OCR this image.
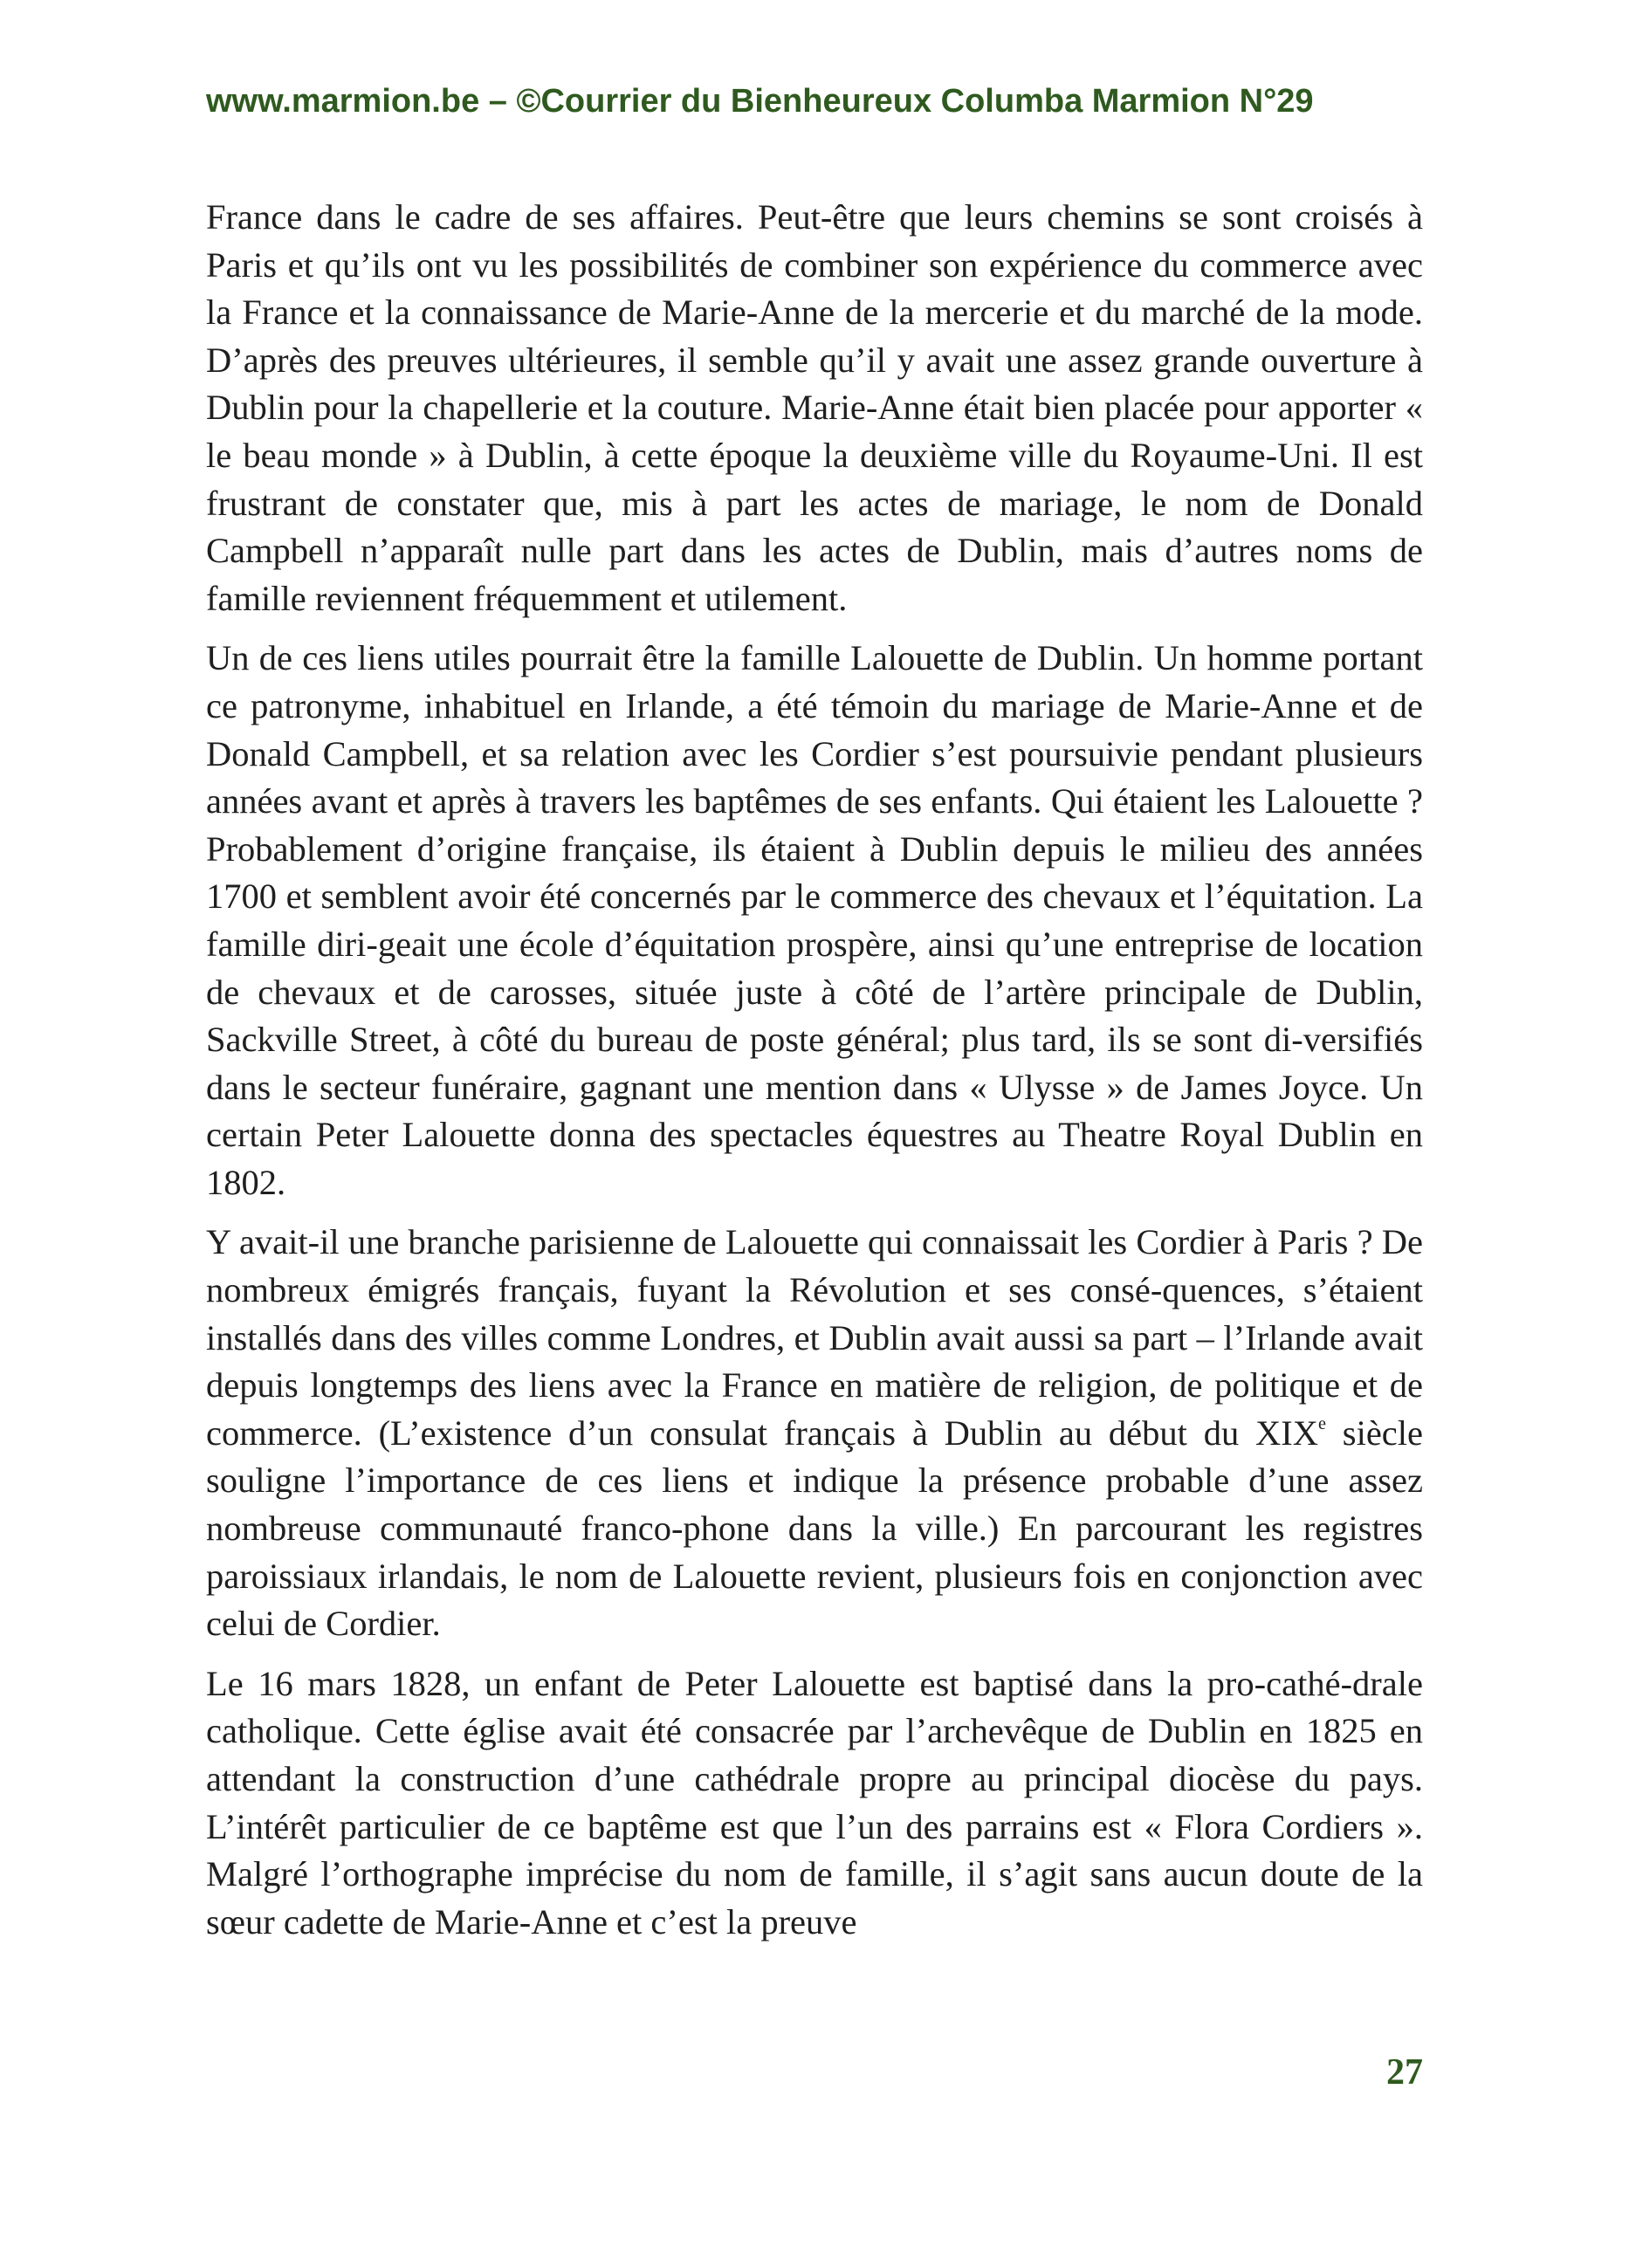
www.marmion.be – ©Courrier du Bienheureux Columba Marmion N°29

France dans le cadre de ses affaires. Peut-être que leurs chemins se sont croisés à Paris et qu’ils ont vu les possibilités de combiner son expérience du commerce avec la France et la connaissance de Marie-Anne de la mercerie et du marché de la mode. D’après des preuves ultérieures, il semble qu’il y avait une assez grande ouverture à Dublin pour la chapellerie et la couture. Marie-Anne était bien placée pour apporter « le beau monde » à Dublin, à cette époque la deuxième ville du Royaume-Uni. Il est frustrant de constater que, mis à part les actes de mariage, le nom de Donald Campbell n’apparaît nulle part dans les actes de Dublin, mais d’autres noms de famille reviennent fréquemment et utilement.

Un de ces liens utiles pourrait être la famille Lalouette de Dublin. Un homme portant ce patronyme, inhabituel en Irlande, a été témoin du mariage de Marie-Anne et de Donald Campbell, et sa relation avec les Cordier s’est poursuivie pendant plusieurs années avant et après à travers les baptêmes de ses enfants. Qui étaient les Lalouette ? Probablement d’origine française, ils étaient à Dublin depuis le milieu des années 1700 et semblent avoir été concernés par le commerce des chevaux et l’équitation. La famille diri-geait une école d’équitation prospère, ainsi qu’une entreprise de location de chevaux et de carosses, située juste à côté de l’artère principale de Dublin, Sackville Street, à côté du bureau de poste général; plus tard, ils se sont di-versifiés dans le secteur funéraire, gagnant une mention dans « Ulysse » de James Joyce. Un certain Peter Lalouette donna des spectacles équestres au Theatre Royal Dublin en 1802.

Y avait-il une branche parisienne de Lalouette qui connaissait les Cordier à Paris ? De nombreux émigrés français, fuyant la Révolution et ses consé-quences, s’étaient installés dans des villes comme Londres, et Dublin avait aussi sa part – l’Irlande avait depuis longtemps des liens avec la France en matière de religion, de politique et de commerce. (L’existence d’un consulat français à Dublin au début du XIXe siècle souligne l’importance de ces liens et indique la présence probable d’une assez nombreuse communauté franco-phone dans la ville.) En parcourant les registres paroissiaux irlandais, le nom de Lalouette revient, plusieurs fois en conjonction avec celui de Cordier.

Le 16 mars 1828, un enfant de Peter Lalouette est baptisé dans la pro-cathé-drale catholique. Cette église avait été consacrée par l’archevêque de Dublin en 1825 en attendant la construction d’une cathédrale propre au principal diocèse du pays. L’intérêt particulier de ce baptême est que l’un des parrains est « Flora Cordiers ». Malgré l’orthographe imprécise du nom de famille, il s’agit sans aucun doute de la sœur cadette de Marie-Anne et c’est la preuve

27
